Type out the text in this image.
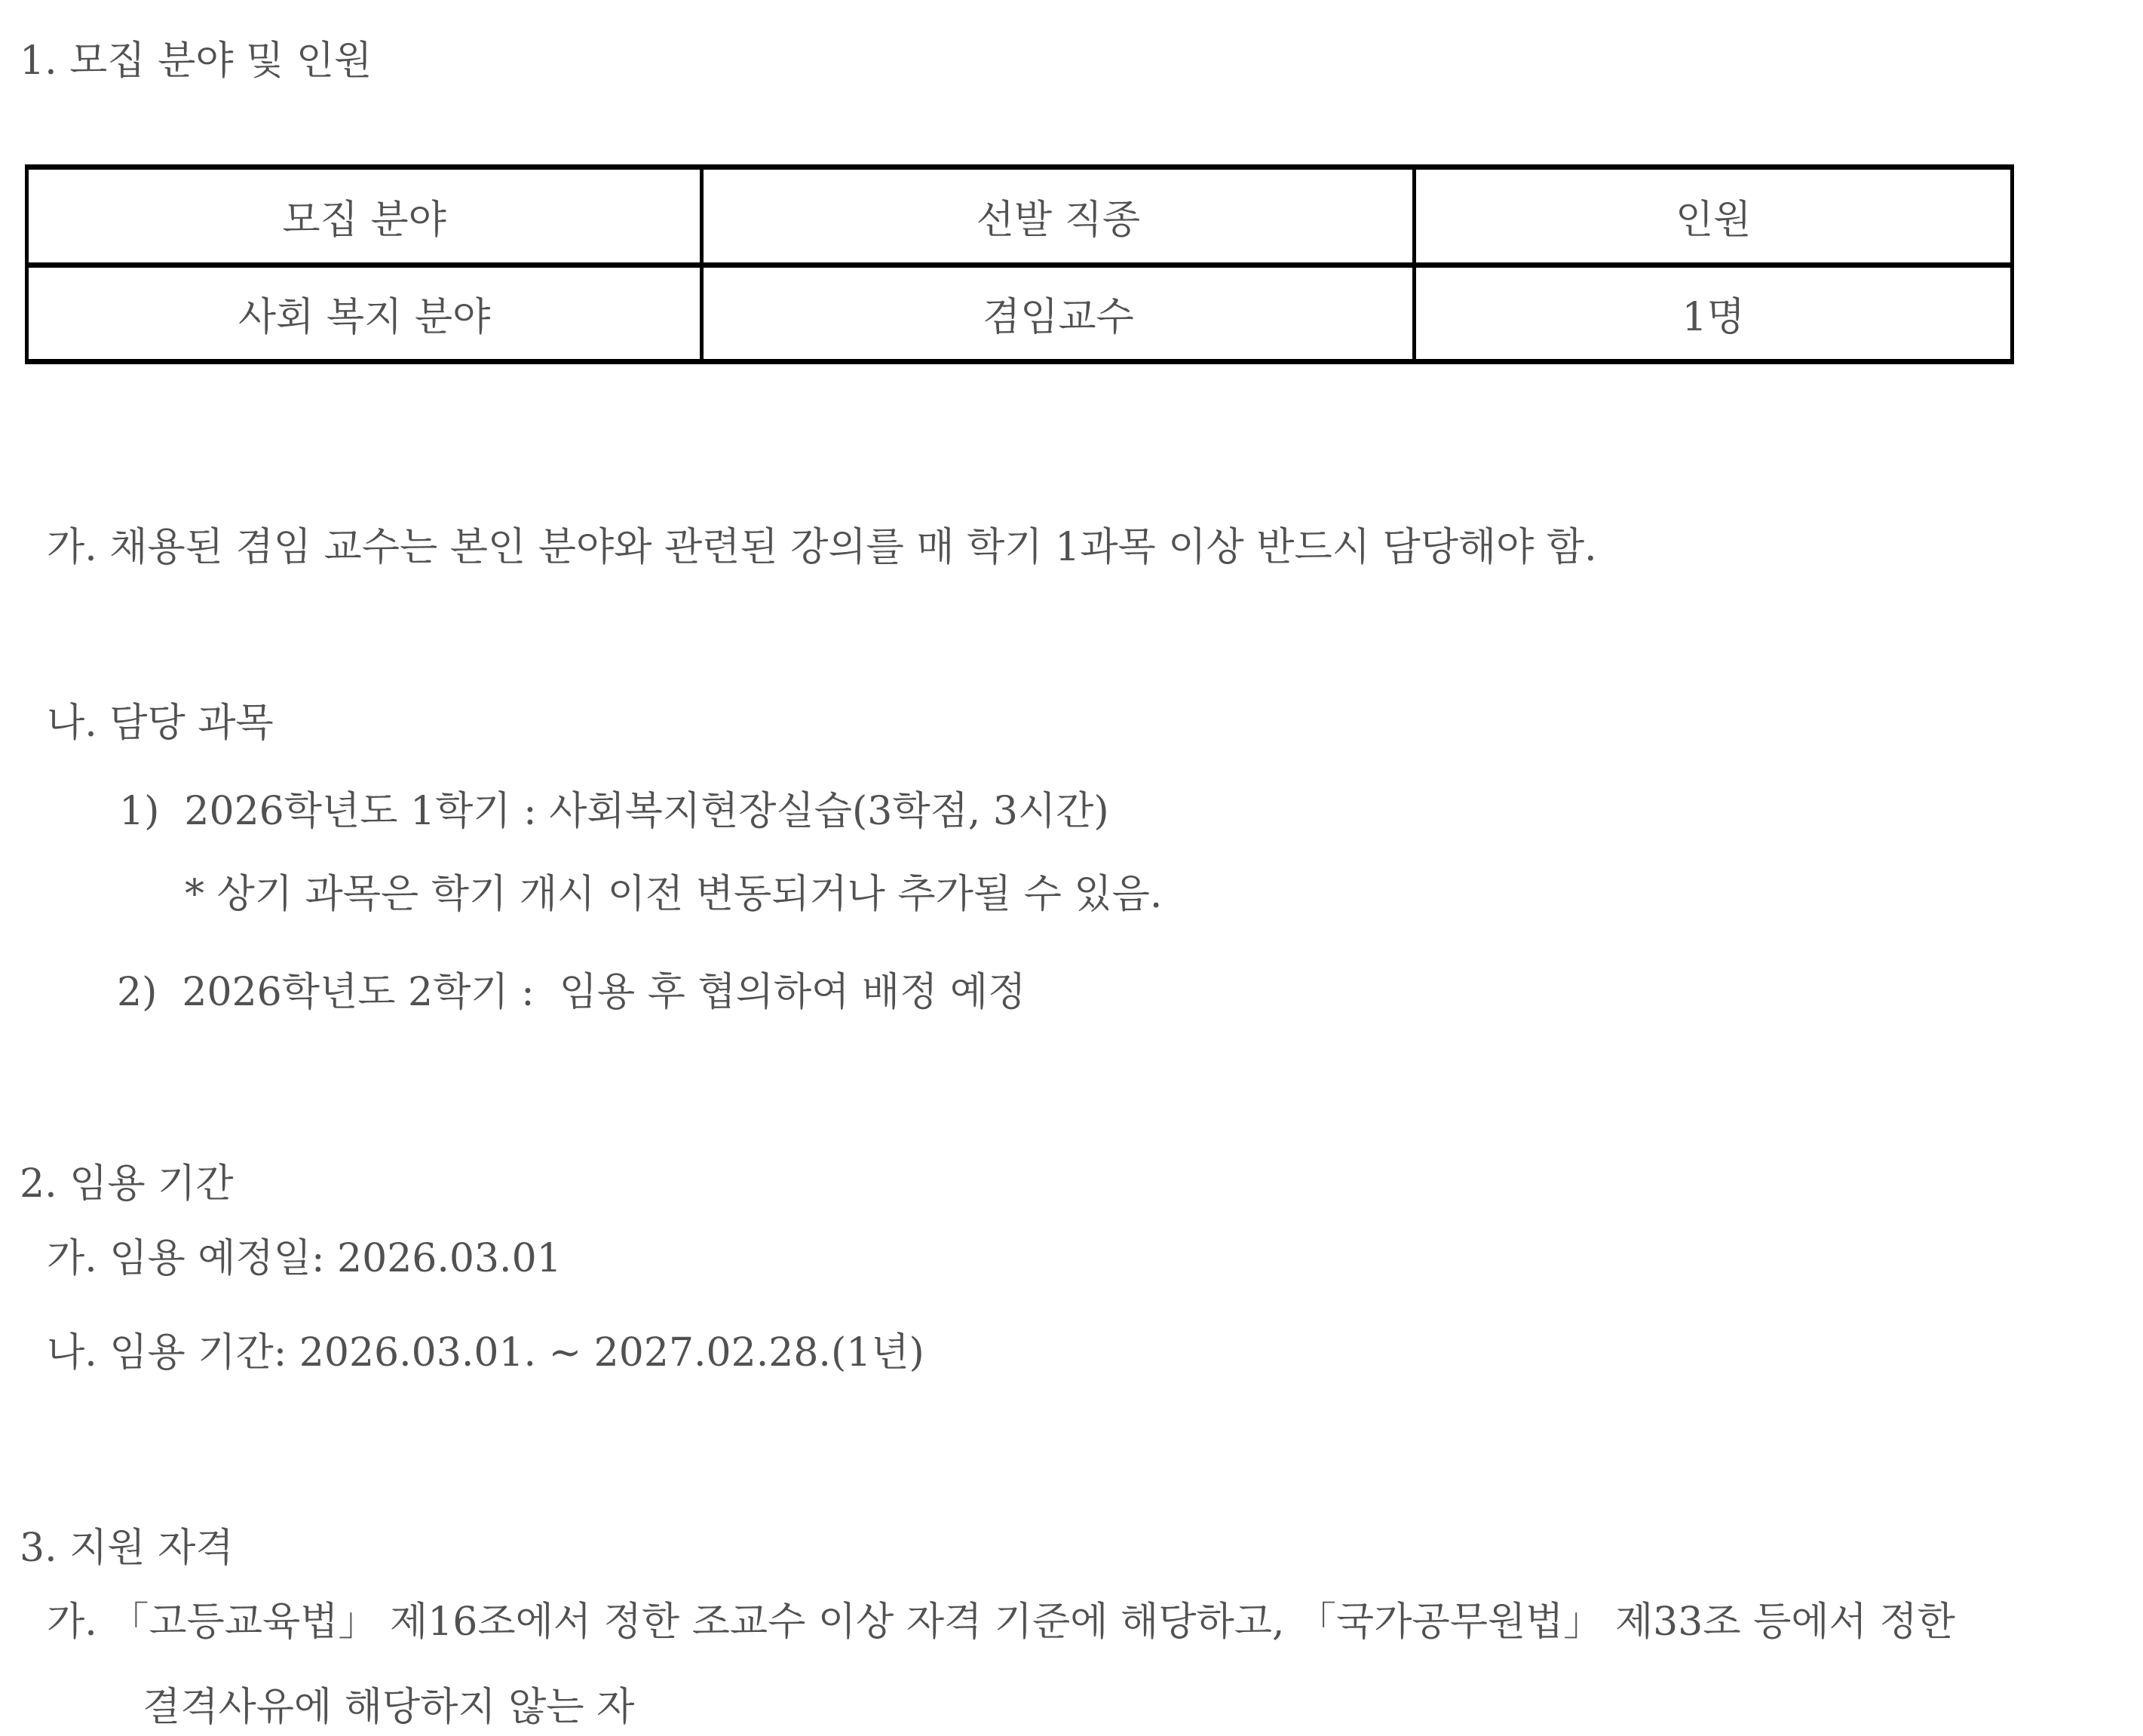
1. 모집 분야 및 인원
모집 분야	선발 직종	인원
사회 복지 분야	겸임교수	1명
가. 채용된 겸임 교수는 본인 분야와 관련된 강의를 매 학기 1과목 이상 반드시 담당해야 함.
나. 담당 과목
1)  2026학년도 1학기 : 사회복지현장실습(3학점, 3시간)
* 상기 과목은 학기 개시 이전 변동되거나 추가될 수 있음.
2)  2026학년도 2학기 :  임용 후 협의하여 배정 예정
2. 임용 기간
가. 임용 예정일: 2026.03.01
나. 임용 기간: 2026.03.01. ~ 2027.02.28.(1년)
3. 지원 자격
가. 「고등교육법」 제16조에서 정한 조교수 이상 자격 기준에 해당하고, 「국가공무원법」 제33조 등에서 정한
결격사유에 해당하지 않는 자
